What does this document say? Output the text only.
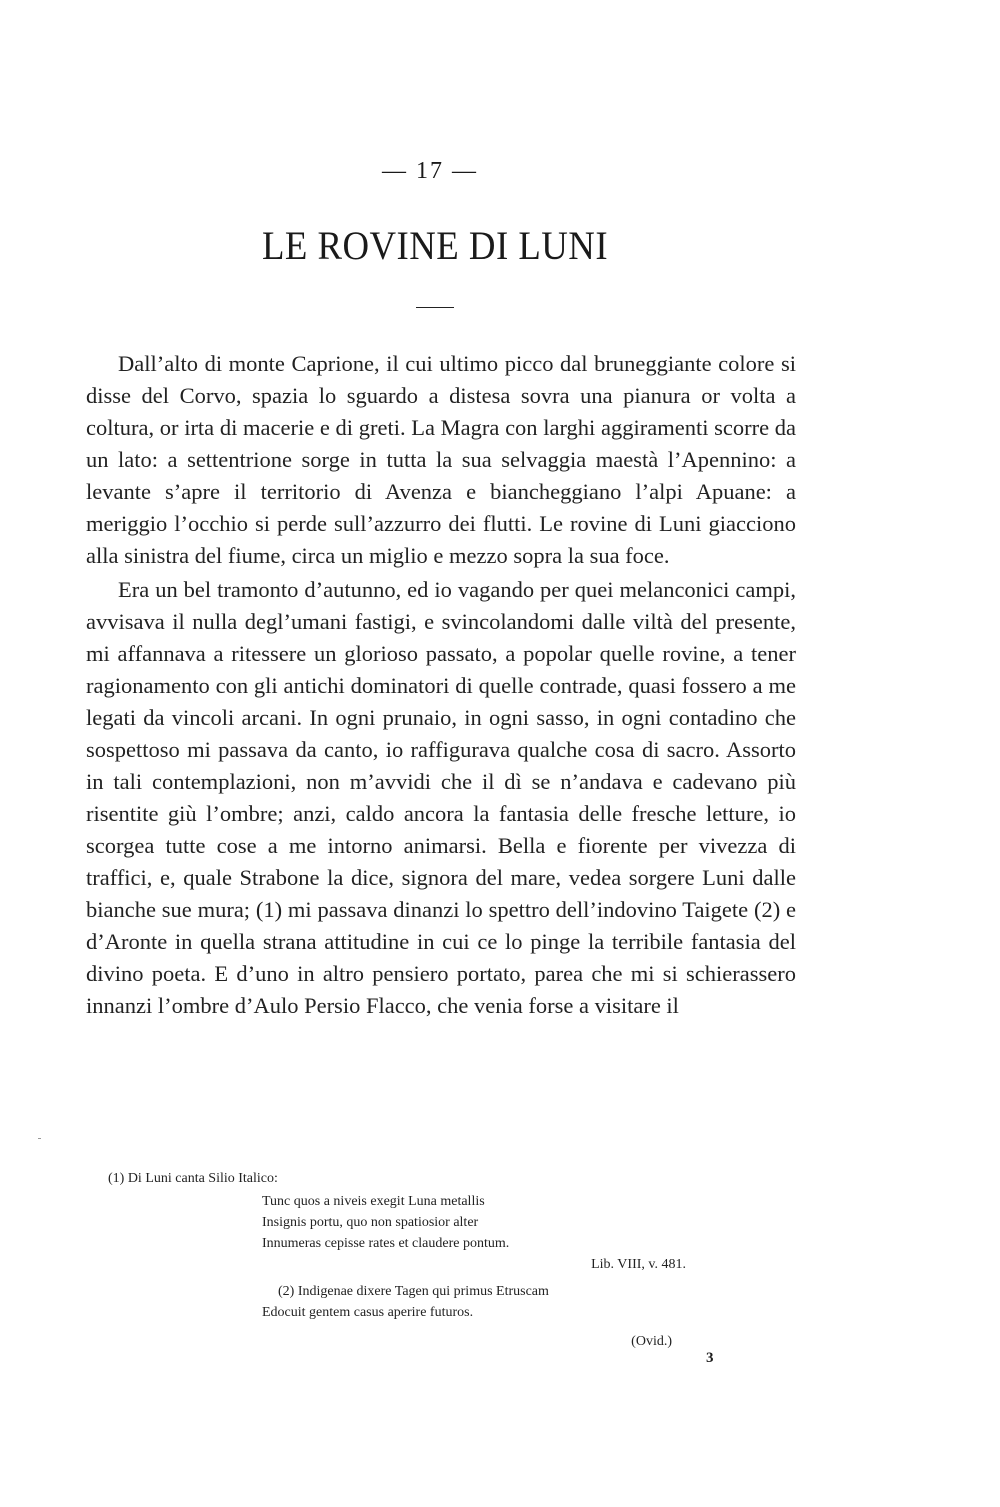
— 17 —
LE ROVINE DI LUNI

Dall’alto di monte Caprione, il cui ultimo picco dal bruneggiante colore si disse del Corvo, spazia lo sguardo a distesa sovra una pianura or volta a coltura, or irta di macerie e di greti. La Magra con larghi aggiramenti scorre da un lato: a settentrione sorge in tutta la sua selvaggia maestà l’Apennino: a levante s’apre il territorio di Avenza e biancheggiano l’alpi Apuane: a meriggio l’occhio si perde sull’azzurro dei flutti. Le rovine di Luni giacciono alla sinistra del fiume, circa un miglio e mezzo sopra la sua foce.

Era un bel tramonto d’autunno, ed io vagando per quei melanconici campi, avvisava il nulla degl’umani fastigi, e svincolandomi dalle viltà del presente, mi affannava a ritessere un glorioso passato, a popolar quelle rovine, a tener ragionamento con gli antichi dominatori di quelle contrade, quasi fossero a me legati da vincoli arcani. In ogni prunaio, in ogni sasso, in ogni contadino che sospettoso mi passava da canto, io raffigurava qualche cosa di sacro. Assorto in tali contemplazioni, non m’avvidi che il dì se n’andava e cadevano più risentite giù l’ombre; anzi, caldo ancora la fantasia delle fresche letture, io scorgea tutte cose a me intorno animarsi. Bella e fiorente per vivezza di traffici, e, quale Strabone la dice, signora del mare, vedea sorgere Luni dalle bianche sue mura; (1) mi passava dinanzi lo spettro dell’indovino Taigete (2) e d’Aronte in quella strana attitudine in cui ce lo pinge la terribile fantasia del divino poeta. E d’uno in altro pensiero portato, parea che mi si schierassero innanzi l’ombre d’Aulo Persio Flacco, che venia forse a visitare il

(1) Di Luni canta Silio Italico:

Tunc quos a niveis exegit Luna metallis

Insignis portu, quo non spatiosior alter

Innumeras cepisse rates et claudere pontum.

Lib. VIII, v. 481.

(2) Indigenae dixere Tagen qui primus Etruscam
Edocuit gentem casus aperire futuros.

(Ovid.)

3
